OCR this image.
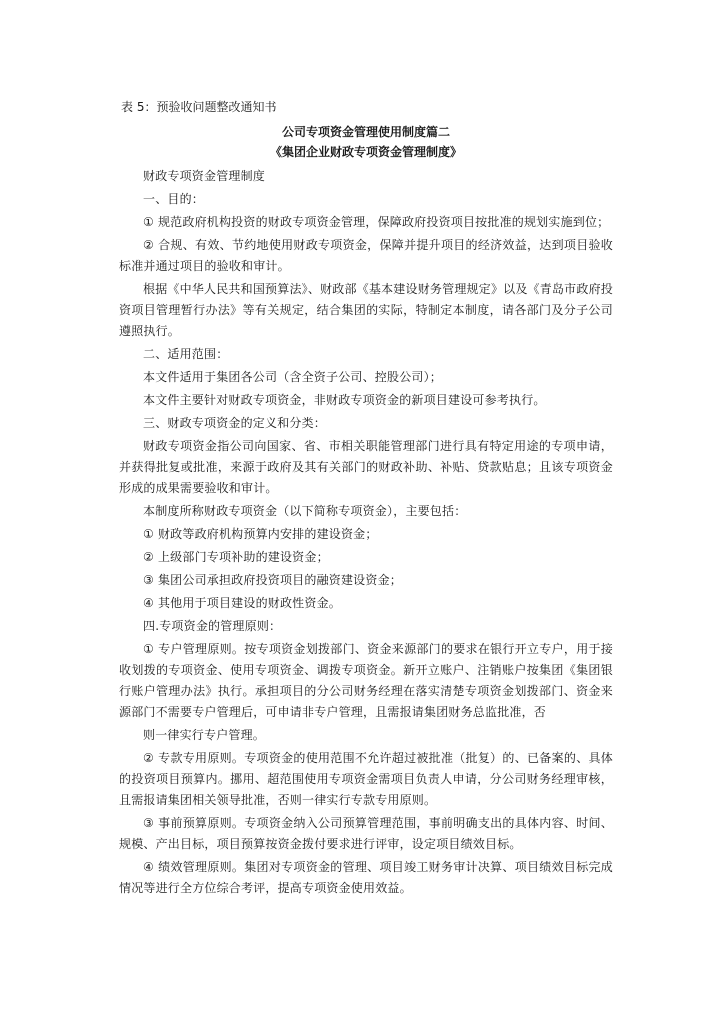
表 5：预验收问题整改通知书

公司专项资金管理使用制度篇二

《集团企业财政专项资金管理制度》

财政专项资金管理制度

一、目的：

① 规范政府机构投资的财政专项资金管理，保障政府投资项目按批准的规划实施到位；

② 合规、有效、节约地使用财政专项资金，保障并提升项目的经济效益，达到项目验收标准并通过项目的验收和审计。

根据《中华人民共和国预算法》、财政部《基本建设财务管理规定》以及《青岛市政府投资项目管理暂行办法》等有关规定，结合集团的实际，特制定本制度，请各部门及分子公司遵照执行。

二、适用范围：

本文件适用于集团各公司（含全资子公司、控股公司）；

本文件主要针对财政专项资金，非财政专项资金的新项目建设可参考执行。

三、财政专项资金的定义和分类：

财政专项资金指公司向国家、省、市相关职能管理部门进行具有特定用途的专项申请，并获得批复或批准，来源于政府及其有关部门的财政补助、补贴、贷款贴息；且该专项资金形成的成果需要验收和审计。

本制度所称财政专项资金（以下简称专项资金），主要包括：

① 财政等政府机构预算内安排的建设资金；

② 上级部门专项补助的建设资金；

③ 集团公司承担政府投资项目的融资建设资金；

④ 其他用于项目建设的财政性资金。

四.专项资金的管理原则：

① 专户管理原则。按专项资金划拨部门、资金来源部门的要求在银行开立专户，用于接收划拨的专项资金、使用专项资金、调拨专项资金。新开立账户、注销账户按集团《集团银行账户管理办法》执行。承担项目的分公司财务经理在落实清楚专项资金划拨部门、资金来源部门不需要专户管理后，可申请非专户管理，且需报请集团财务总监批准，否

则一律实行专户管理。

② 专款专用原则。专项资金的使用范围不允许超过被批准（批复）的、已备案的、具体的投资项目预算内。挪用、超范围使用专项资金需项目负责人申请，分公司财务经理审核，且需报请集团相关领导批准，否则一律实行专款专用原则。

③ 事前预算原则。专项资金纳入公司预算管理范围，事前明确支出的具体内容、时间、规模、产出目标，项目预算按资金拨付要求进行评审，设定项目绩效目标。

④ 绩效管理原则。集团对专项资金的管理、项目竣工财务审计决算、项目绩效目标完成情况等进行全方位综合考评，提高专项资金使用效益。
